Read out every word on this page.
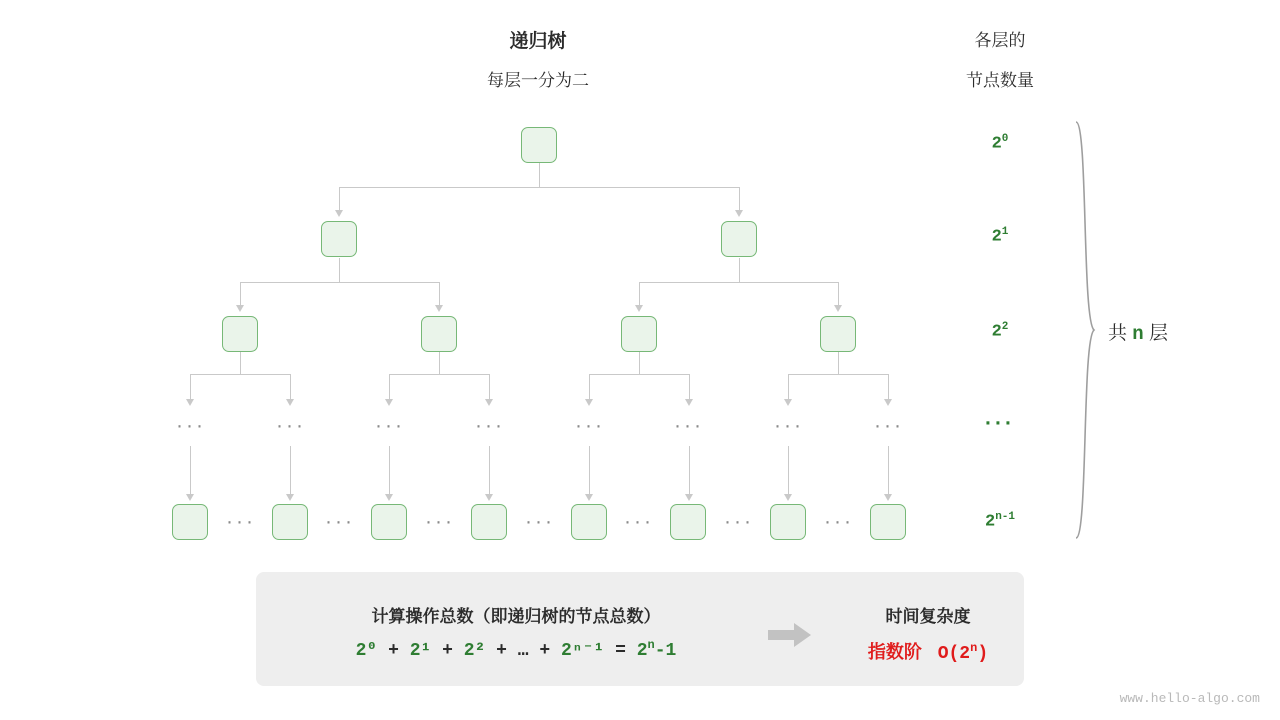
递归树
每层一分为二
各层的
节点数量
···	···	···	···	···	···	···	···
···	···	···	···	···	···	···
$2^0$
$2^1$
$2^2$
···
$2^{n-1}$
共 n 层
计算操作总数（即递归树的节点总数）
2⁰ + 2¹ + 2² + … + $2^{n-1} = 2^n-1$
时间复杂度
指数阶  O(2$^n$)
www.hello-algo.com
